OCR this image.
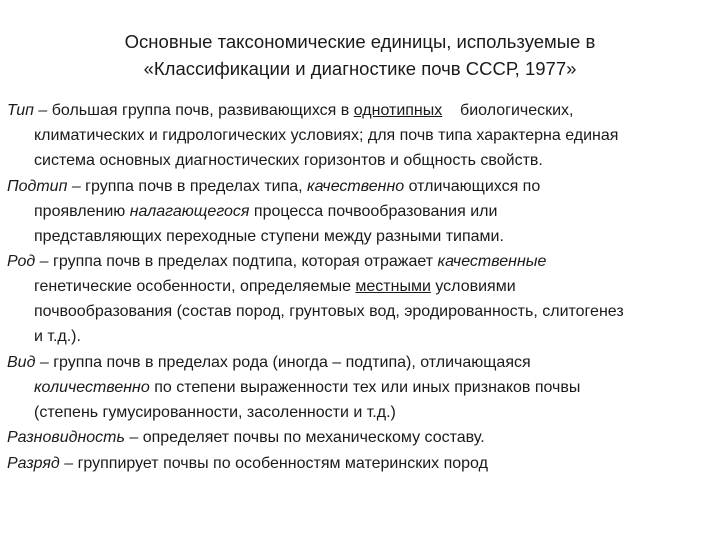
Основные таксономические единицы, используемые в
«Классификации и диагностике почв СССР, 1977»
Тип – большая группа почв, развивающихся в однотипных    биологических,
климатических и гидрологических условиях; для почв типа характерна единая
система основных диагностических горизонтов и общность свойств.
Подтип – группа почв в пределах типа, качественно отличающихся по
проявлению налагающегося процесса почвообразования или
представляющих переходные ступени между разными типами.
Род – группа почв в пределах подтипа, которая отражает качественные
генетические особенности, определяемые местными условиями
почвообразования (состав пород, грунтовых вод, эродированность, слитогенез
и т.д.).
Вид – группа почв в пределах рода (иногда – подтипа), отличающаяся
количественно по степени выраженности тех или иных признаков почвы
(степень гумусированности, засоленности и т.д.)
Разновидность – определяет почвы по механическому составу.
Разряд – группирует почвы по особенностям материнских пород
